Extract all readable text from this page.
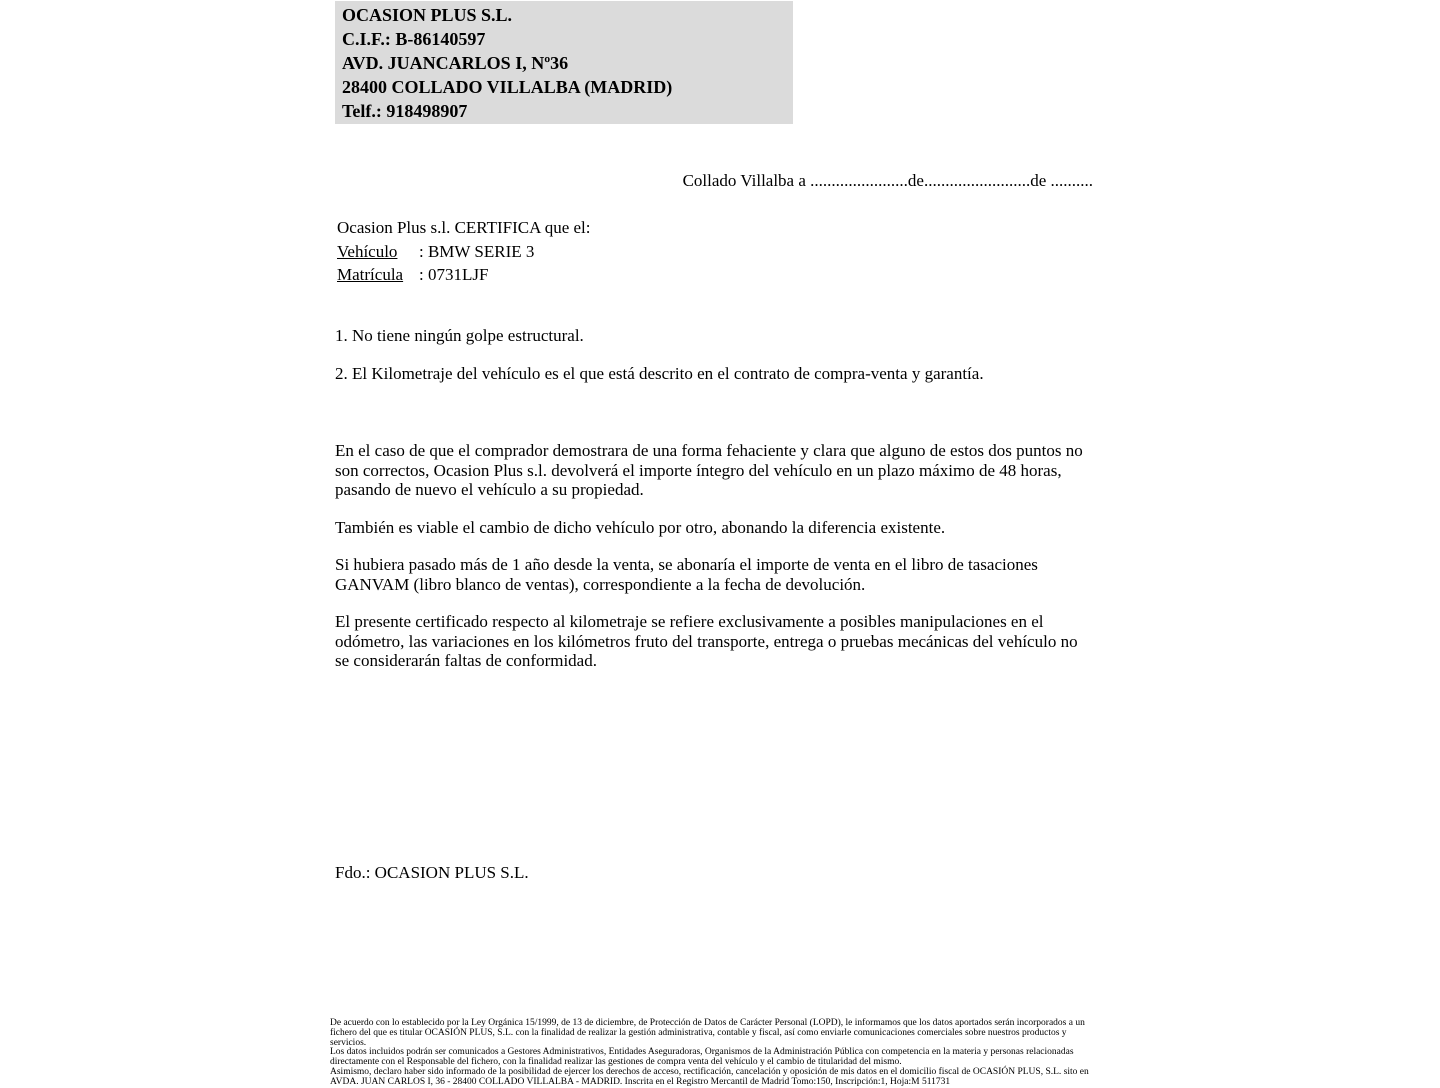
OCASION PLUS S.L.
C.I.F.: B-86140597
AVD. JUANCARLOS I, Nº36
28400 COLLADO VILLALBA (MADRID)
Telf.: 918498907
Collado Villalba a .......................de.........................de ..........
Ocasion Plus s.l. CERTIFICA que el:
Vehículo : BMW SERIE 3
Matrícula : 0731LJF

1. No tiene ningún golpe estructural.

2. El Kilometraje del vehículo es el que está descrito en el contrato de compra-venta y garantía.

En el caso de que el comprador demostrara de una forma fehaciente y clara que alguno de estos dos puntos no son correctos, Ocasion Plus s.l. devolverá el importe íntegro del vehículo en un plazo máximo de 48 horas, pasando de nuevo el vehículo a su propiedad.

También es viable el cambio de dicho vehículo por otro, abonando la diferencia existente.

Si hubiera pasado más de 1 año desde la venta, se abonaría el importe de venta en el libro de tasaciones GANVAM (libro blanco de ventas), correspondiente a la fecha de devolución.

El presente certificado respecto al kilometraje se refiere exclusivamente a posibles manipulaciones en el odómetro, las variaciones en los kilómetros fruto del transporte, entrega o pruebas mecánicas del vehículo no se considerarán faltas de conformidad.

Fdo.: OCASION PLUS S.L.

De acuerdo con lo establecido por la Ley Orgánica 15/1999, de 13 de diciembre, de Protección de Datos de Carácter Personal (LOPD), le informamos que los datos aportados serán incorporados a un fichero del que es titular OCASIÓN PLUS, S.L. con la finalidad de realizar la gestión administrativa, contable y fiscal, así como enviarle comunicaciones comerciales sobre nuestros productos y servicios.

Los datos incluidos podrán ser comunicados a Gestores Administrativos, Entidades Aseguradoras, Organismos de la Administración Pública con competencia en la materia y personas relacionadas directamente con el Responsable del fichero, con la finalidad realizar las gestiones de compra venta del vehículo y el cambio de titularidad del mismo.

Asimismo, declaro haber sido informado de la posibilidad de ejercer los derechos de acceso, rectificación, cancelación y oposición de mis datos en el domicilio fiscal de OCASIÓN PLUS, S.L. sito en AVDA. JUAN CARLOS I, 36 - 28400 COLLADO VILLALBA - MADRID. Inscrita en el Registro Mercantil de Madrid Tomo:150, Inscripción:1, Hoja:M 511731
